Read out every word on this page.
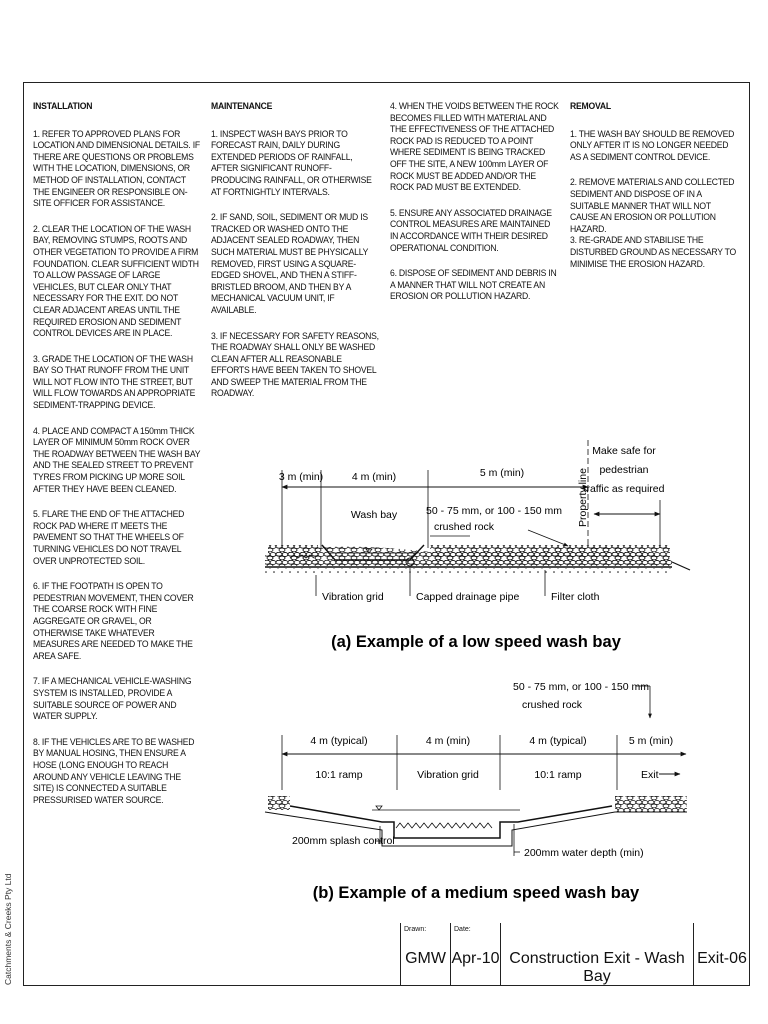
INSTALLATION

1. REFER TO APPROVED PLANS FOR LOCATION AND DIMENSIONAL DETAILS. IF THERE ARE QUESTIONS OR PROBLEMS WITH THE LOCATION, DIMENSIONS, OR METHOD OF INSTALLATION, CONTACT THE ENGINEER OR RESPONSIBLE ON-SITE OFFICER FOR ASSISTANCE.

2. CLEAR THE LOCATION OF THE WASH BAY, REMOVING STUMPS, ROOTS AND OTHER VEGETATION TO PROVIDE A FIRM FOUNDATION. CLEAR SUFFICIENT WIDTH TO ALLOW PASSAGE OF LARGE VEHICLES, BUT CLEAR ONLY THAT NECESSARY FOR THE EXIT. DO NOT CLEAR ADJACENT AREAS UNTIL THE REQUIRED EROSION AND SEDIMENT CONTROL DEVICES ARE IN PLACE.

3. GRADE THE LOCATION OF THE WASH BAY SO THAT RUNOFF FROM THE UNIT WILL NOT FLOW INTO THE STREET, BUT WILL FLOW TOWARDS AN APPROPRIATE SEDIMENT-TRAPPING DEVICE.

4. PLACE AND COMPACT A 150mm THICK LAYER OF MINIMUM 50mm ROCK OVER THE ROADWAY BETWEEN THE WASH BAY AND THE SEALED STREET TO PREVENT TYRES FROM PICKING UP MORE SOIL AFTER THEY HAVE BEEN CLEANED.

5. FLARE THE END OF THE ATTACHED ROCK PAD WHERE IT MEETS THE PAVEMENT SO THAT THE WHEELS OF TURNING VEHICLES DO NOT TRAVEL OVER UNPROTECTED SOIL.

6. IF THE FOOTPATH IS OPEN TO PEDESTRIAN MOVEMENT, THEN COVER THE COARSE ROCK WITH FINE AGGREGATE OR GRAVEL, OR OTHERWISE TAKE WHATEVER MEASURES ARE NEEDED TO MAKE THE AREA SAFE.

7. IF A MECHANICAL VEHICLE-WASHING SYSTEM IS INSTALLED, PROVIDE A SUITABLE SOURCE OF POWER AND WATER SUPPLY.

8. IF THE VEHICLES ARE TO BE WASHED BY MANUAL HOSING, THEN ENSURE A HOSE (LONG ENOUGH TO REACH AROUND ANY VEHICLE LEAVING THE SITE) IS CONNECTED A SUITABLE PRESSURISED WATER SOURCE.

MAINTENANCE

1. INSPECT WASH BAYS PRIOR TO FORECAST RAIN, DAILY DURING EXTENDED PERIODS OF RAINFALL, AFTER SIGNIFICANT RUNOFF-PRODUCING RAINFALL, OR OTHERWISE AT FORTNIGHTLY INTERVALS.

2. IF SAND, SOIL, SEDIMENT OR MUD IS TRACKED OR WASHED ONTO THE ADJACENT SEALED ROADWAY, THEN SUCH MATERIAL MUST BE PHYSICALLY REMOVED, FIRST USING A SQUARE-EDGED SHOVEL, AND THEN A STIFF-BRISTLED BROOM, AND THEN BY A MECHANICAL VACUUM UNIT, IF AVAILABLE.

3. IF NECESSARY FOR SAFETY REASONS, THE ROADWAY SHALL ONLY BE WASHED CLEAN AFTER ALL REASONABLE EFFORTS HAVE BEEN TAKEN TO SHOVEL AND SWEEP THE MATERIAL FROM THE ROADWAY.

4. WHEN THE VOIDS BETWEEN THE ROCK BECOMES FILLED WITH MATERIAL AND THE EFFECTIVENESS OF THE ATTACHED ROCK PAD IS REDUCED TO A POINT WHERE SEDIMENT IS BEING TRACKED OFF THE SITE, A NEW 100mm LAYER OF ROCK MUST BE ADDED AND/OR THE ROCK PAD MUST BE EXTENDED.

5. ENSURE ANY ASSOCIATED DRAINAGE CONTROL MEASURES ARE MAINTAINED IN ACCORDANCE WITH THEIR DESIRED OPERATIONAL CONDITION.

6. DISPOSE OF SEDIMENT AND DEBRIS IN A MANNER THAT WILL NOT CREATE AN EROSION OR POLLUTION HAZARD.

REMOVAL

1. THE WASH BAY SHOULD BE REMOVED ONLY AFTER IT IS NO LONGER NEEDED AS A SEDIMENT CONTROL DEVICE.

2. REMOVE MATERIALS AND COLLECTED SEDIMENT AND DISPOSE OF IN A SUITABLE MANNER THAT WILL NOT CAUSE AN EROSION OR POLLUTION HAZARD.

3. RE-GRADE AND STABILISE THE DISTURBED GROUND AS NECESSARY TO MINIMISE THE EROSION HAZARD.

Drawn:
GMW
Date:
Apr-10 Construction Exit - Wash Bay
Exit-06
3 m (min)	4 m (min)	5 m (min)	Property line
Make safe for
pedestrian
traffic as required
Wash bay	50 - 75 mm, or 100 - 150 mm
crushed rock
Vibration grid	Capped drainage pipe	Filter cloth
(a) Example of a low speed wash bay
50 - 75 mm, or 100 - 150 mm
crushed rock
4 m (typical)	4 m (min)	4 m (typical)	5 m (min)
10:1 ramp	Vibration grid	10:1 ramp	Exit
200mm splash control
200mm water depth (min)
(b) Example of a medium speed wash bay
Catchments & Creeks Pty Ltd
